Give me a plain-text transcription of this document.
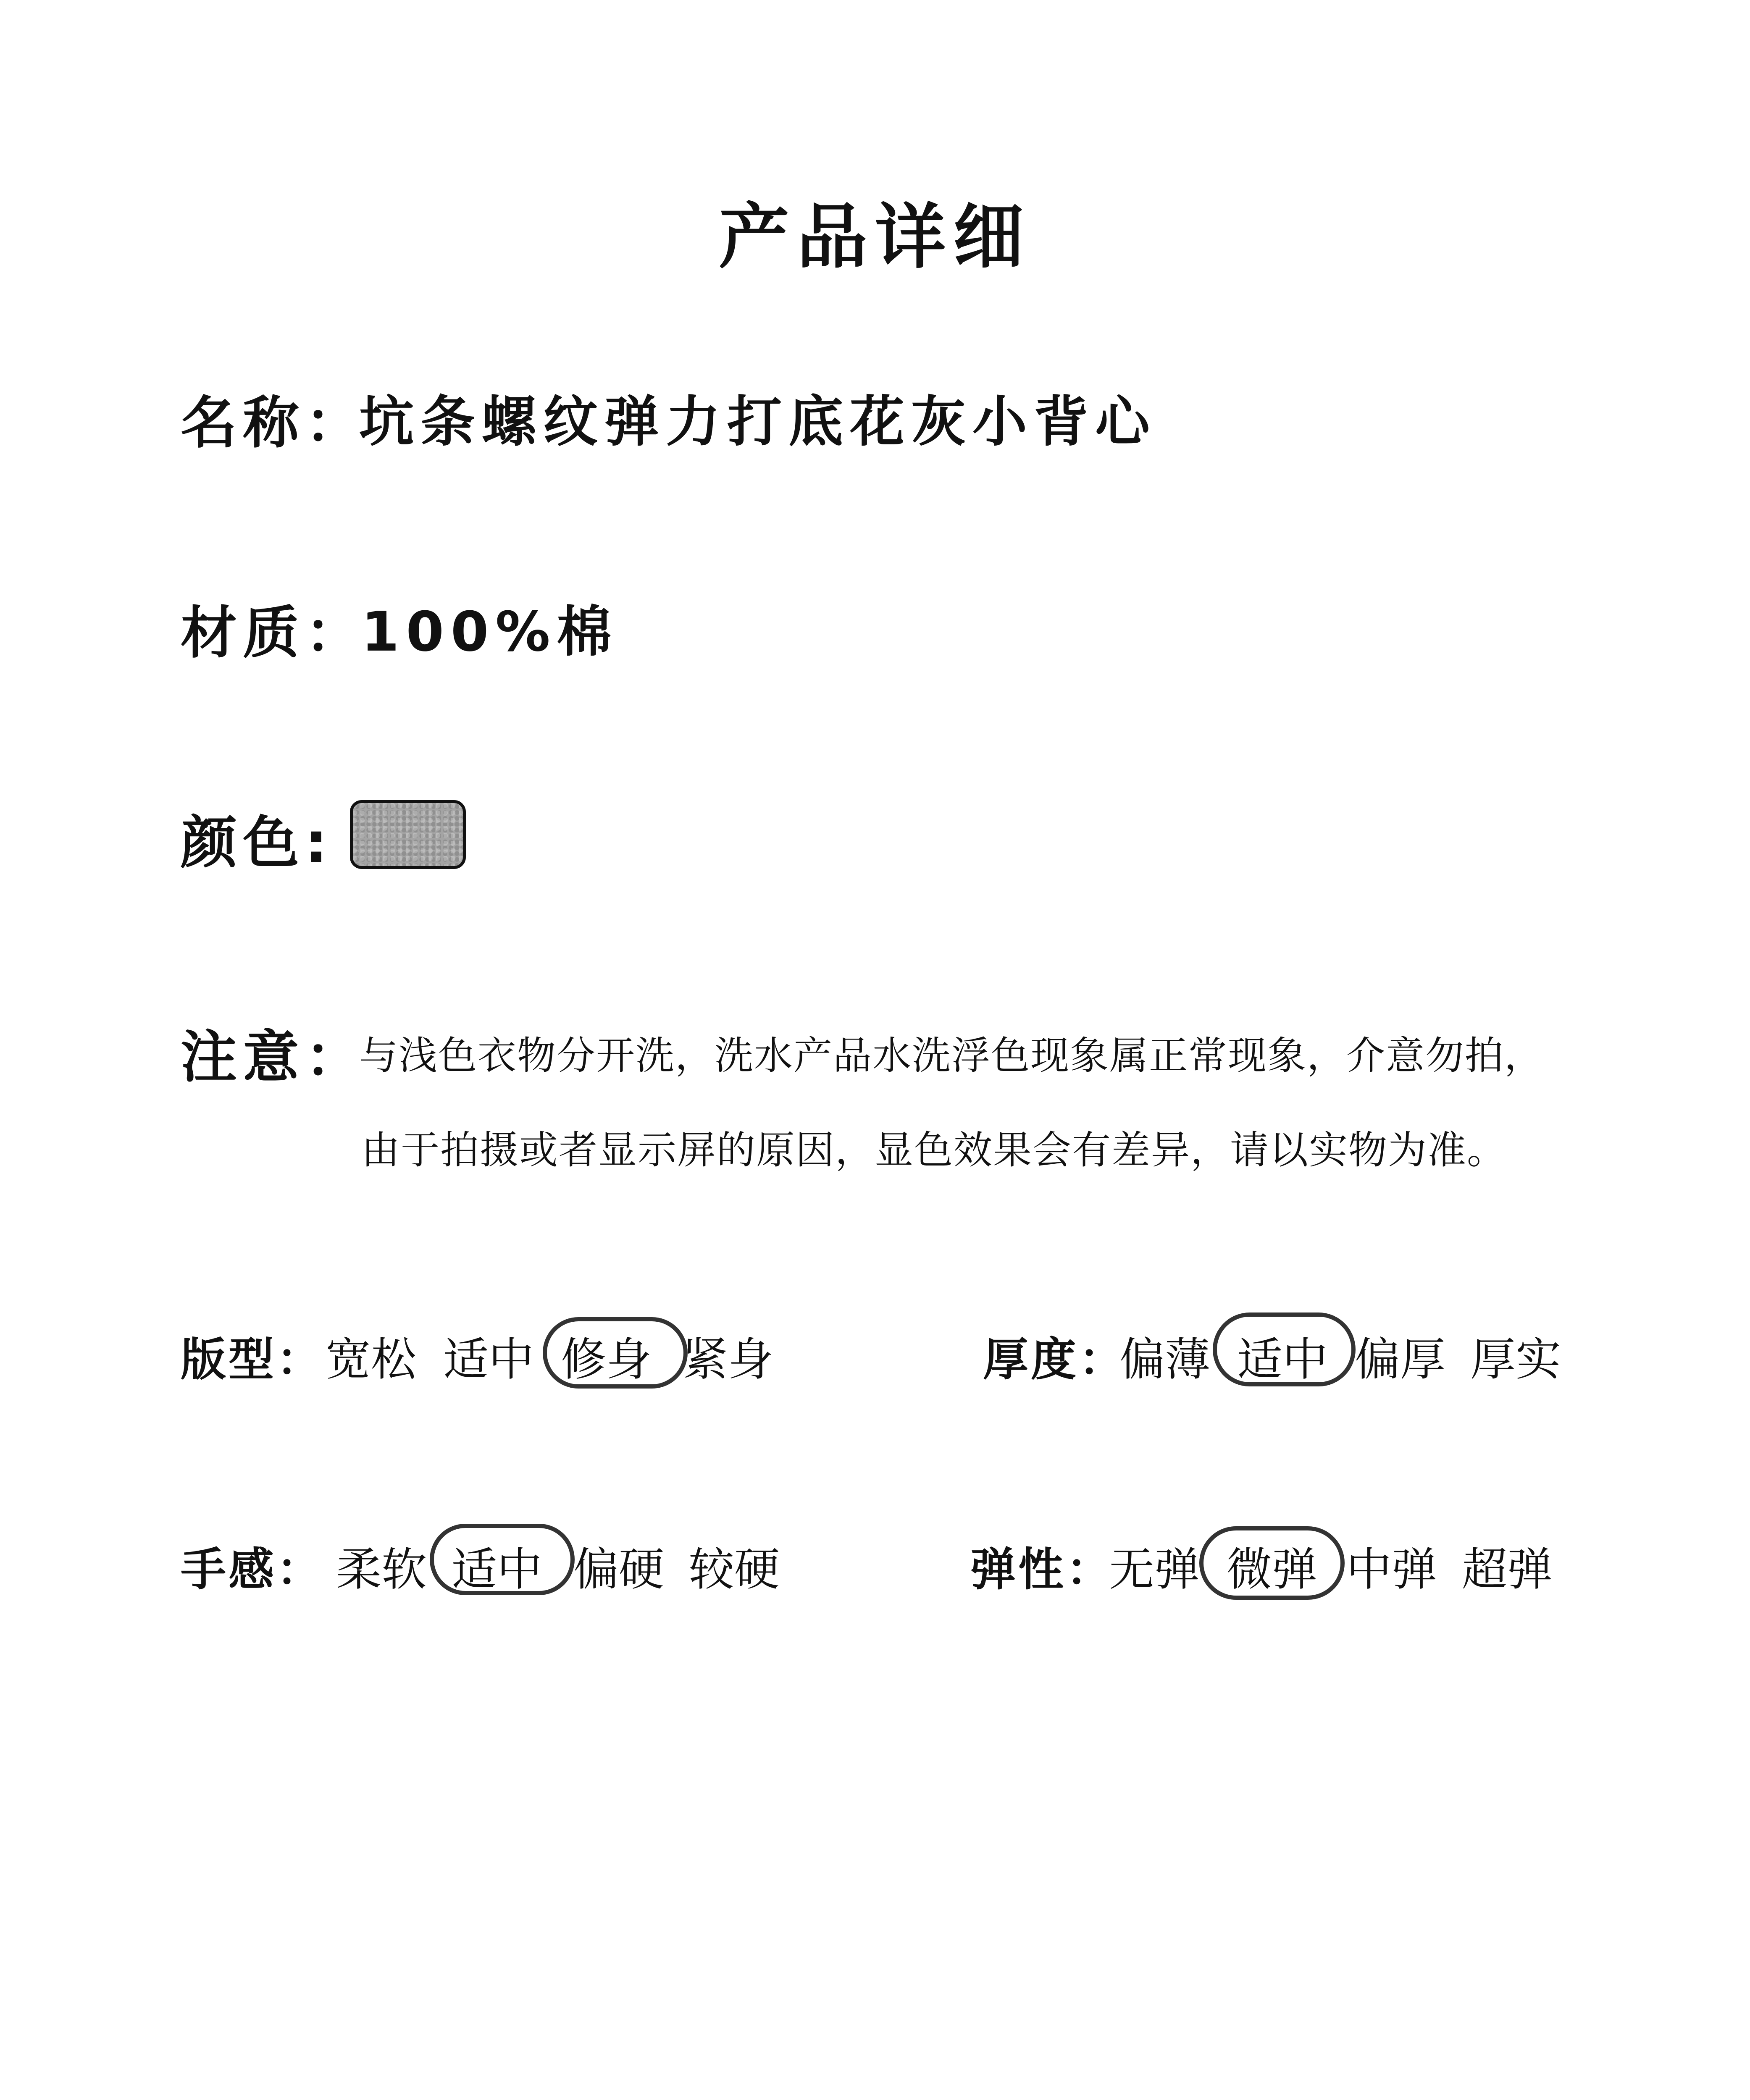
产品详细
名称：
坑条螺纹弹力打底花灰小背心
材质：
100%棉
颜色:
注意：
与浅色衣物分开洗，洗水产品水洗浮色现象属正常现象，介意勿拍，
由于拍摄或者显示屏的原因，显色效果会有差异，请以实物为准。
版型： 宽松 适中 修身 紧身	厚度：
偏薄 适中 偏厚 厚实
手感： 柔软 适中 偏硬 较硬	弹性：
无弹 微弹 中弹 超弹
